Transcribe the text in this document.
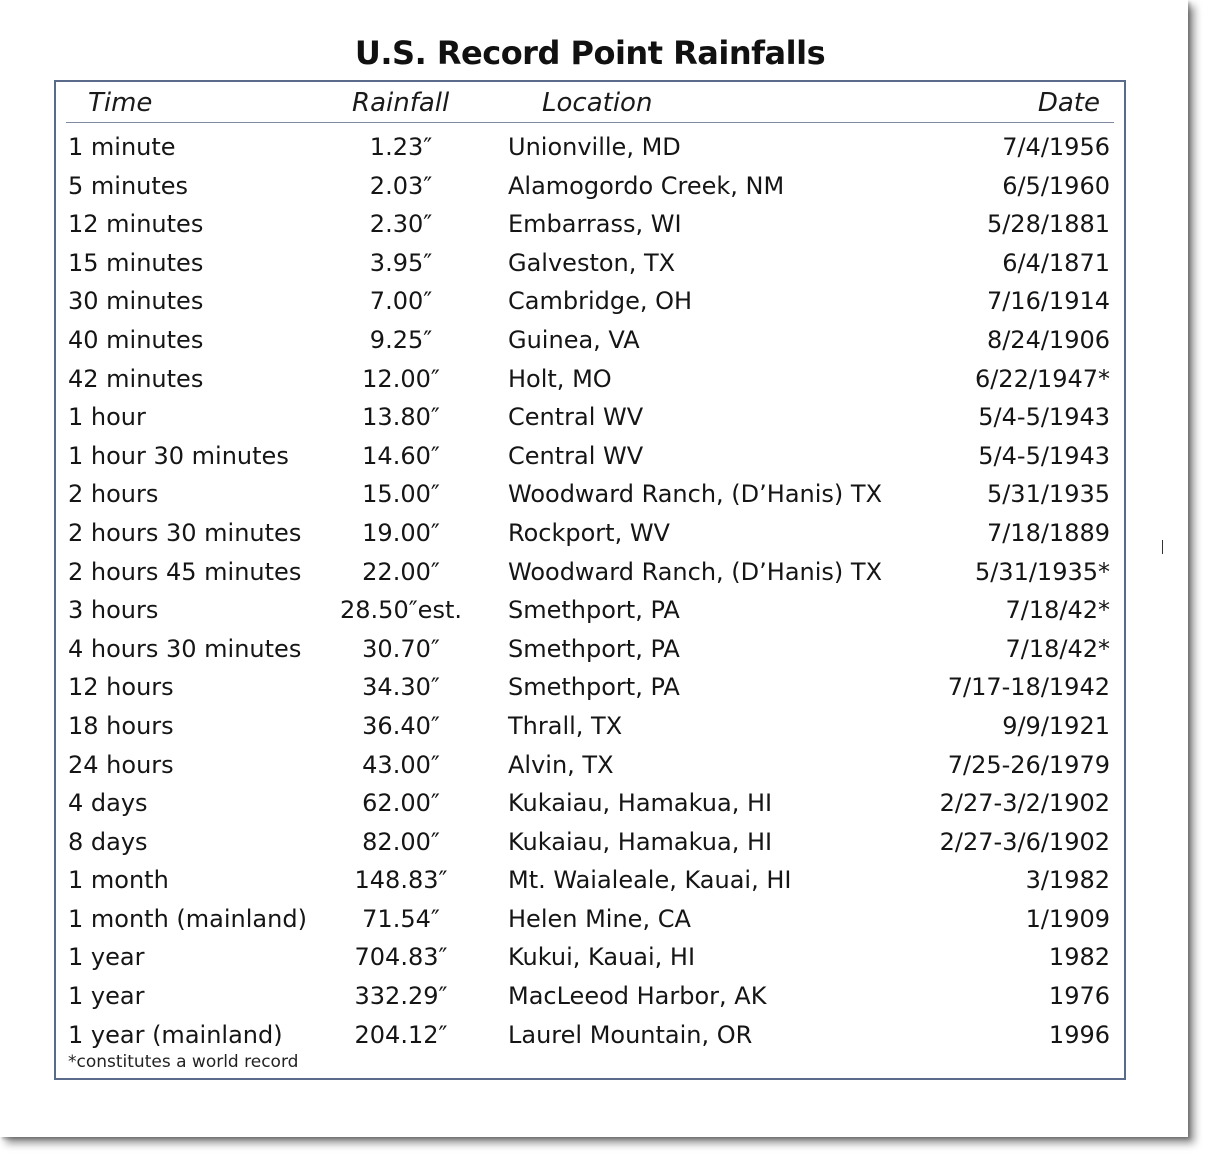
U.S. Record Point Rainfalls
Time	Rainfall	Location	Date
1 minute	1.23″	Unionville, MD	7/4/1956
5 minutes	2.03″	Alamogordo Creek, NM	6/5/1960
12 minutes	2.30″	Embarrass, WI	5/28/1881
15 minutes	3.95″	Galveston, TX	6/4/1871
30 minutes	7.00″	Cambridge, OH	7/16/1914
40 minutes	9.25″	Guinea, VA	8/24/1906
42 minutes	12.00″	Holt, MO	6/22/1947*
1 hour	13.80″	Central WV	5/4-5/1943
1 hour 30 minutes	14.60″	Central WV	5/4-5/1943
2 hours	15.00″	Woodward Ranch, (D’Hanis) TX	5/31/1935
2 hours 30 minutes	19.00″	Rockport, WV	7/18/1889
2 hours 45 minutes	22.00″	Woodward Ranch, (D’Hanis) TX	5/31/1935*
3 hours	28.50″est.	Smethport, PA	7/18/42*
4 hours 30 minutes	30.70″	Smethport, PA	7/18/42*
12 hours	34.30″	Smethport, PA	7/17-18/1942
18 hours	36.40″	Thrall, TX	9/9/1921
24 hours	43.00″	Alvin, TX	7/25-26/1979
4 days	62.00″	Kukaiau, Hamakua, HI	2/27-3/2/1902
8 days	82.00″	Kukaiau, Hamakua, HI	2/27-3/6/1902
1 month	148.83″	Mt. Waialeale, Kauai, HI	3/1982
1 month (mainland)	71.54″	Helen Mine, CA	1/1909
1 year	704.83″	Kukui, Kauai, HI	1982
1 year	332.29″	MacLeeod Harbor, AK	1976
1 year (mainland)	204.12″	Laurel Mountain, OR	1996
*constitutes a world record
